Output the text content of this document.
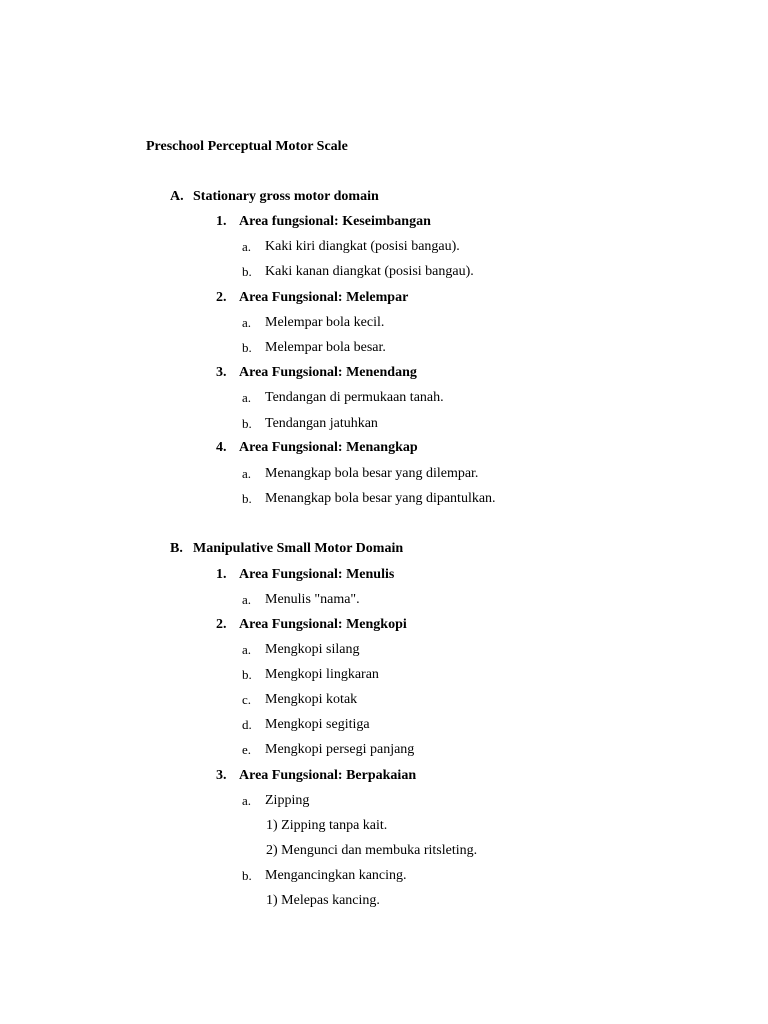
Preschool Perceptual Motor Scale
A. Stationary gross motor domain
1. Area fungsional: Keseimbangan
a. Kaki kiri diangkat (posisi bangau).
b. Kaki kanan diangkat (posisi bangau).
2. Area Fungsional: Melempar
a. Melempar bola kecil.
b. Melempar bola besar.
3. Area Fungsional: Menendang
a. Tendangan di permukaan tanah.
b. Tendangan jatuhkan
4. Area Fungsional: Menangkap
a. Menangkap bola besar yang dilempar.
b. Menangkap bola besar yang dipantulkan.
B. Manipulative Small Motor Domain
1. Area Fungsional: Menulis
a. Menulis "nama".
2. Area Fungsional: Mengkopi
a. Mengkopi silang
b. Mengkopi lingkaran
c. Mengkopi kotak
d. Mengkopi segitiga
e. Mengkopi persegi panjang
3. Area Fungsional: Berpakaian
a. Zipping
1) Zipping tanpa kait.
2) Mengunci dan membuka ritsleting.
b. Mengancingkan kancing.
1) Melepas kancing.
